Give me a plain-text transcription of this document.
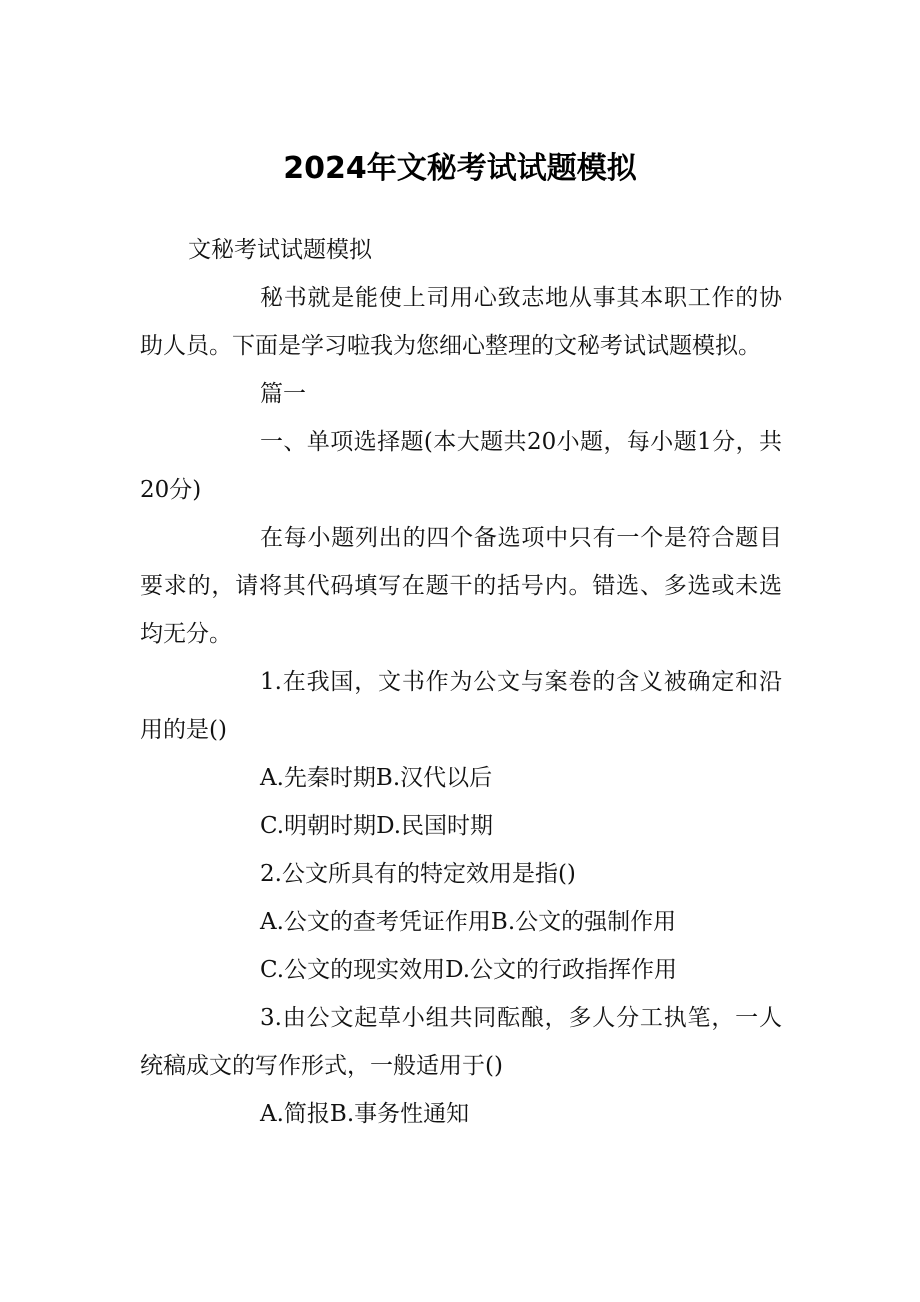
2024年文秘考试试题模拟

文秘考试试题模拟

秘书就是能使上司用心致志地从事其本职工作的协助人员。下面是学习啦我为您细心整理的文秘考试试题模拟。

篇一

一、单项选择题(本大题共20小题，每小题1分，共20分)

在每小题列出的四个备选项中只有一个是符合题目要求的，请将其代码填写在题干的括号内。错选、多选或未选均无分。

1.在我国，文书作为公文与案卷的含义被确定和沿用的是()

A.先秦时期B.汉代以后

C.明朝时期D.民国时期

2.公文所具有的特定效用是指()

A.公文的查考凭证作用B.公文的强制作用

C.公文的现实效用D.公文的行政指挥作用

3.由公文起草小组共同酝酿，多人分工执笔，一人统稿成文的写作形式，一般适用于()

A.简报B.事务性通知
